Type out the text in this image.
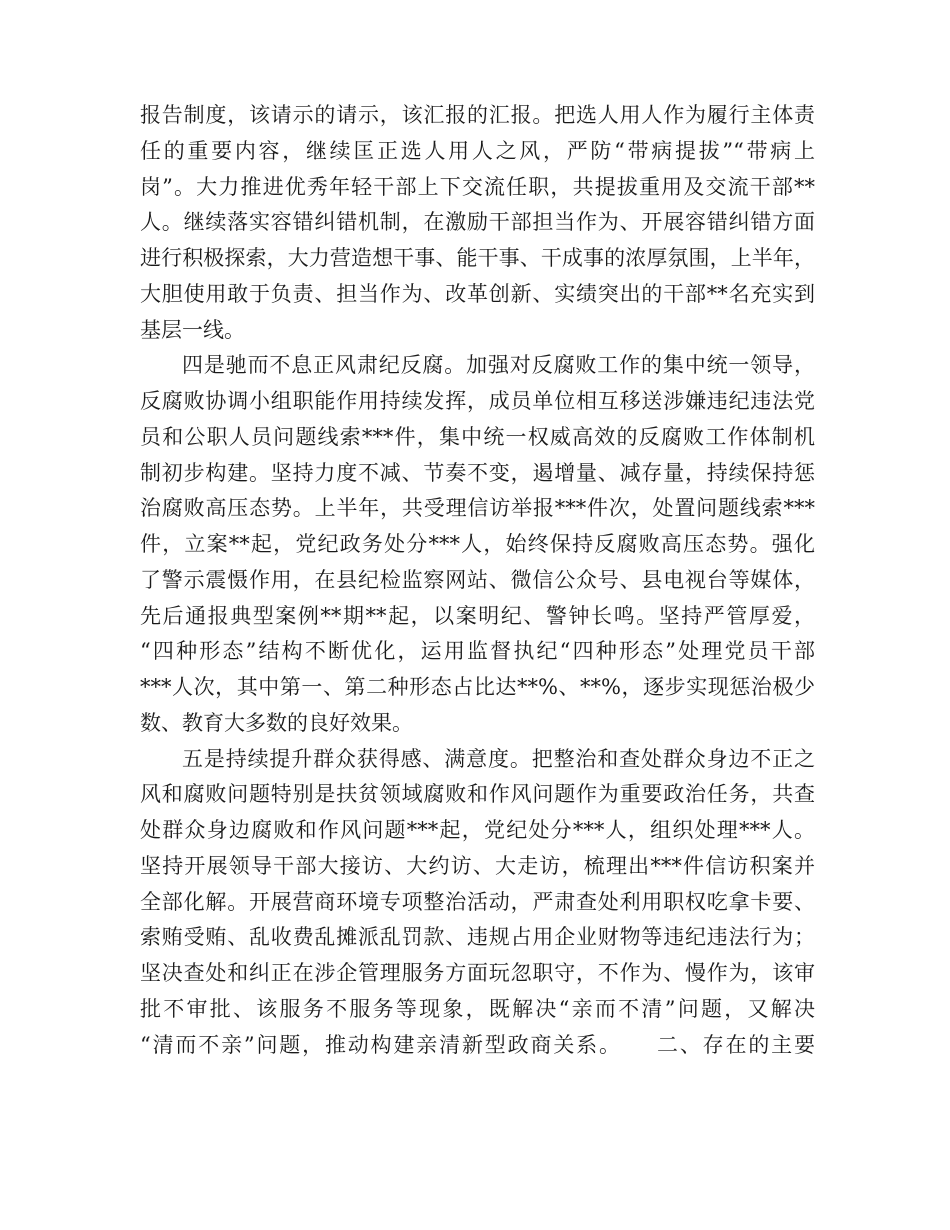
报告制度，该请示的请示，该汇报的汇报。把选人用人作为履行主体责
任的重要内容，继续匡正选人用人之风，严防“带病提拔”“带病上
岗”。大力推进优秀年轻干部上下交流任职，共提拔重用及交流干部**
人。继续落实容错纠错机制，在激励干部担当作为、开展容错纠错方面
进行积极探索，大力营造想干事、能干事、干成事的浓厚氛围，上半年，
大胆使用敢于负责、担当作为、改革创新、实绩突出的干部**名充实到
基层一线。
四是驰而不息正风肃纪反腐。加强对反腐败工作的集中统一领导，
反腐败协调小组职能作用持续发挥，成员单位相互移送涉嫌违纪违法党
员和公职人员问题线索***件，集中统一权威高效的反腐败工作体制机
制初步构建。坚持力度不减、节奏不变，遏增量、减存量，持续保持惩
治腐败高压态势。上半年，共受理信访举报***件次，处置问题线索***
件，立案**起，党纪政务处分***人，始终保持反腐败高压态势。强化
了警示震慑作用，在县纪检监察网站、微信公众号、县电视台等媒体，
先后通报典型案例**期**起，以案明纪、警钟长鸣。坚持严管厚爱，
“四种形态”结构不断优化，运用监督执纪“四种形态”处理党员干部
***人次，其中第一、第二种形态占比达**%、**%，逐步实现惩治极少
数、教育大多数的良好效果。
五是持续提升群众获得感、满意度。把整治和查处群众身边不正之
风和腐败问题特别是扶贫领域腐败和作风问题作为重要政治任务，共查
处群众身边腐败和作风问题***起，党纪处分***人，组织处理***人。
坚持开展领导干部大接访、大约访、大走访，梳理出***件信访积案并
全部化解。开展营商环境专项整治活动，严肃查处利用职权吃拿卡要、
索贿受贿、乱收费乱摊派乱罚款、违规占用企业财物等违纪违法行为；
坚决查处和纠正在涉企管理服务方面玩忽职守，不作为、慢作为，该审
批不审批、该服务不服务等现象，既解决“亲而不清”问题，又解决
“清而不亲”问题，推动构建亲清新型政商关系。　　二、存在的主要
